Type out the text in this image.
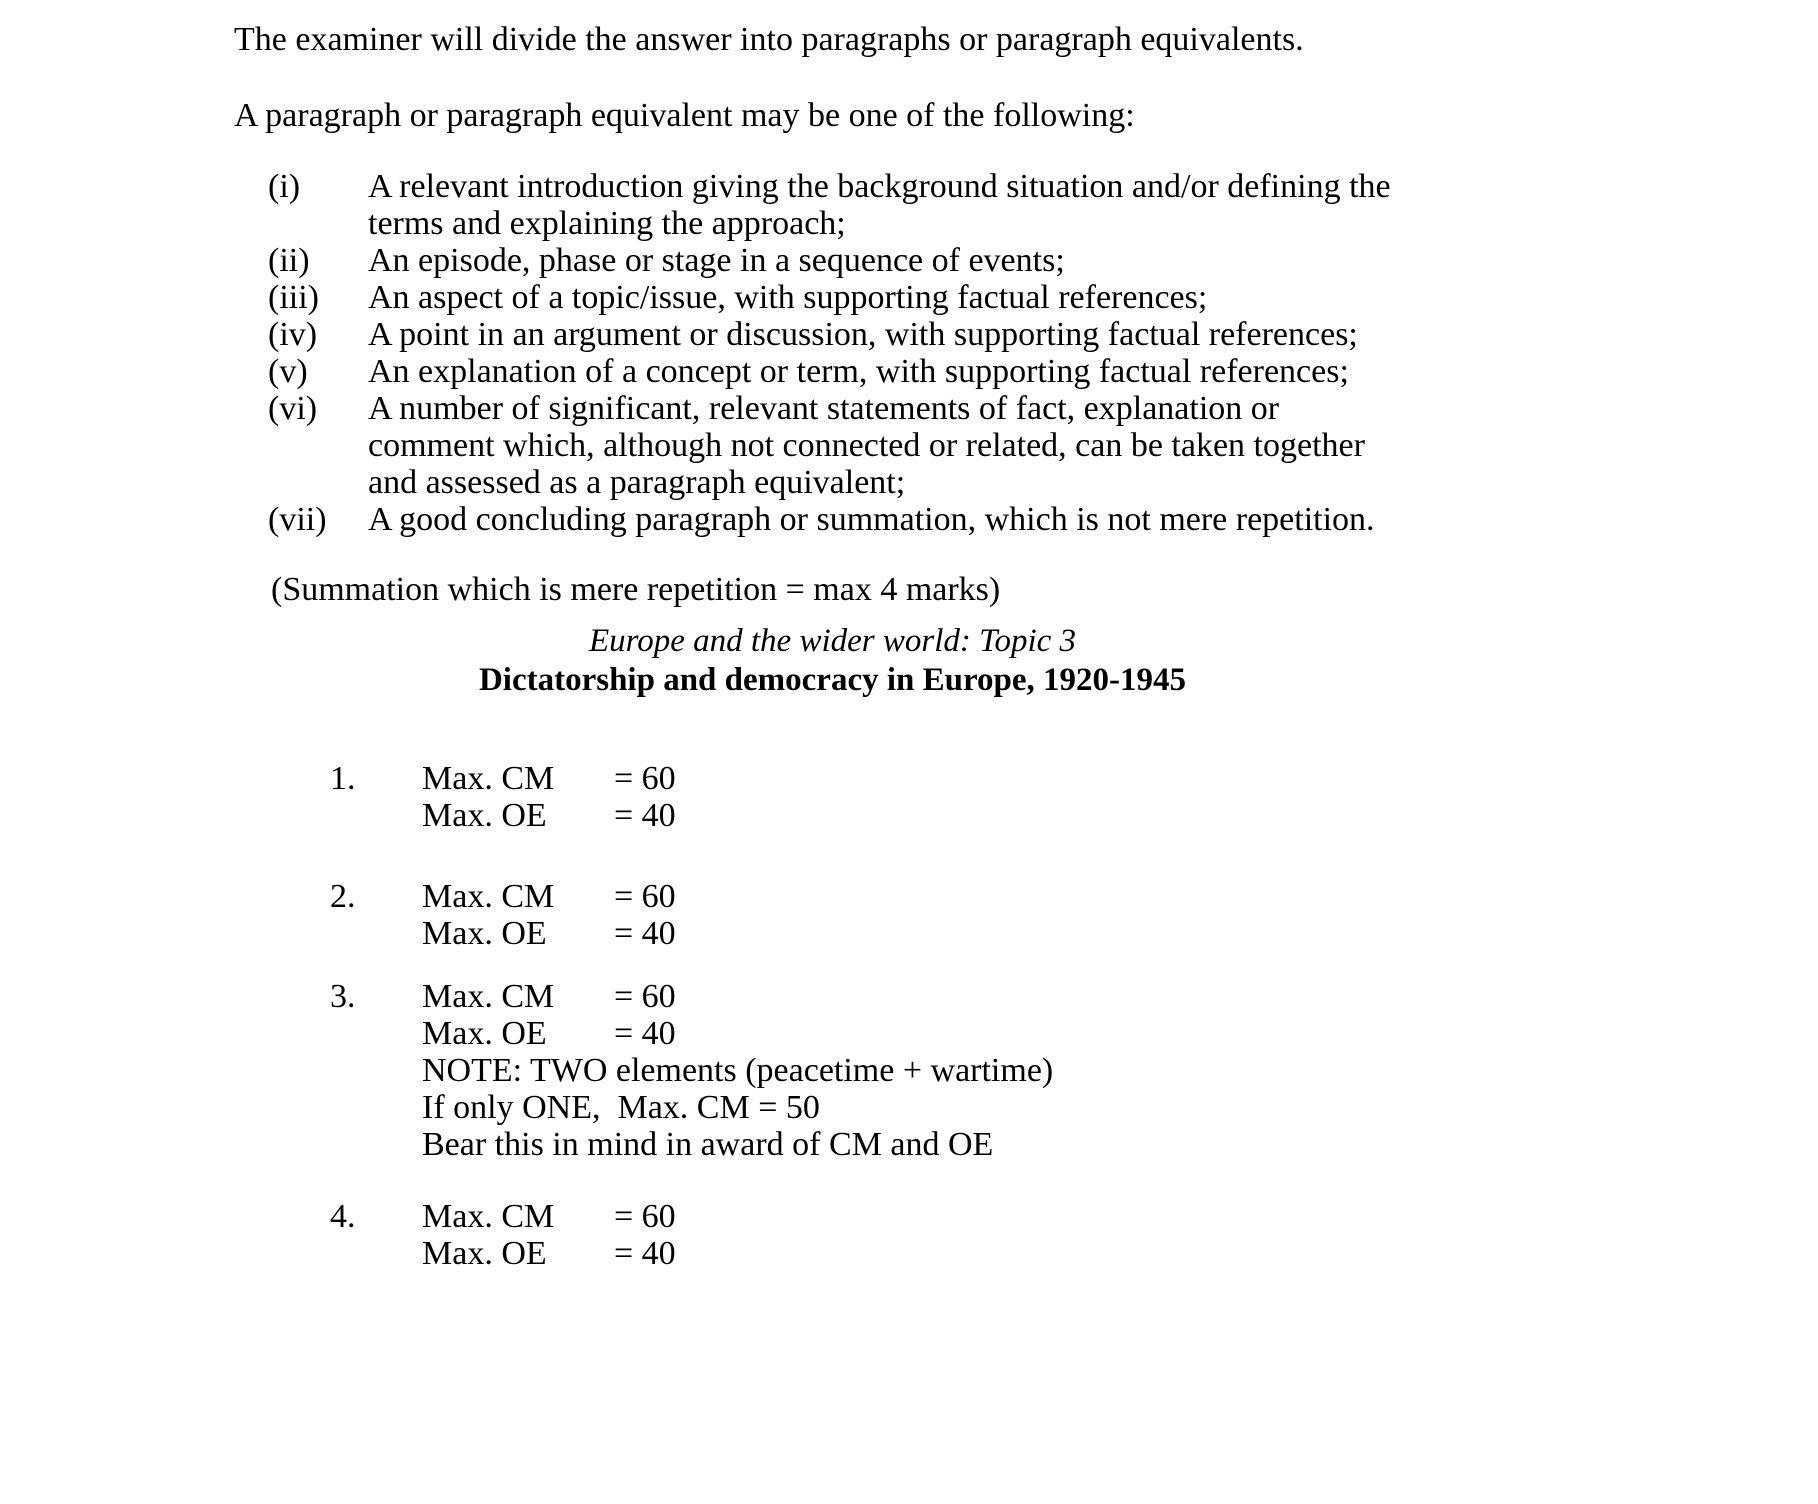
The examiner will divide the answer into paragraphs or paragraph equivalents.
A paragraph or paragraph equivalent may be one of the following:
(i)	A relevant introduction giving the background situation and/or defining the
terms and explaining the approach;
(ii)	An episode, phase or stage in a sequence of events;
(iii)	An aspect of a topic/issue, with supporting factual references;
(iv)	A point in an argument or discussion, with supporting factual references;
(v)	An explanation of a concept or term, with supporting factual references;
(vi)	A number of significant, relevant statements of fact, explanation or
comment which, although not connected or related, can be taken together
and assessed as a paragraph equivalent;
(vii)	A good concluding paragraph or summation, which is not mere repetition.
(Summation which is mere repetition = max 4 marks)
Europe and the wider world: Topic 3
Dictatorship and democracy in Europe, 1920-1945
1.	Max. CM	= 60
Max. OE	= 40
2.	Max. CM	= 60
Max. OE	= 40
3.	Max. CM	= 60
Max. OE	= 40
NOTE: TWO elements (peacetime + wartime)
If only ONE,  Max. CM = 50
Bear this in mind in award of CM and OE
4.	Max. CM	= 60
Max. OE	= 40
